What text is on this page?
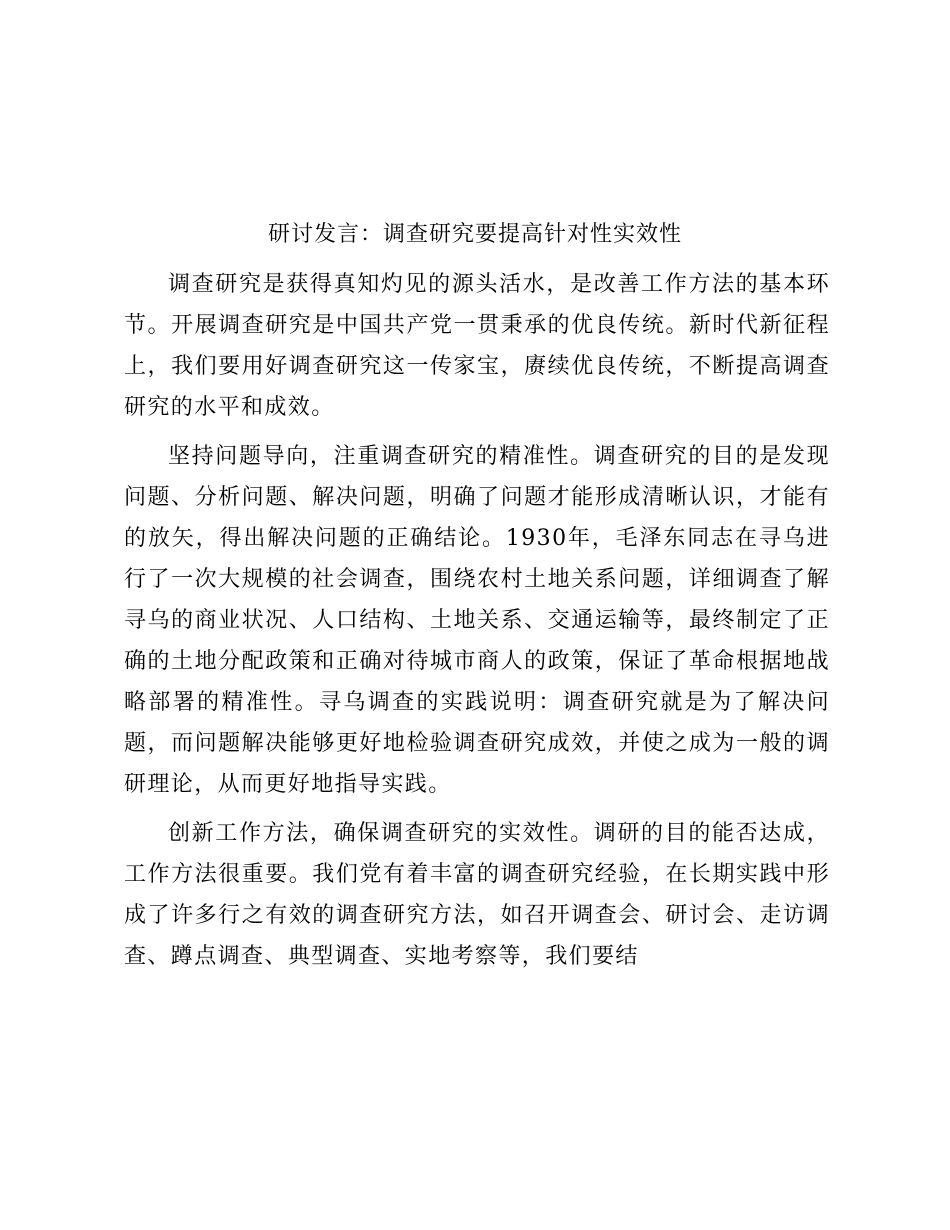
研讨发言：调查研究要提高针对性实效性

调查研究是获得真知灼见的源头活水，是改善工作方法的基本环节。开展调查研究是中国共产党一贯秉承的优良传统。新时代新征程上，我们要用好调查研究这一传家宝，赓续优良传统，不断提高调查研究的水平和成效。

坚持问题导向，注重调查研究的精准性。调查研究的目的是发现问题、分析问题、解决问题，明确了问题才能形成清晰认识，才能有的放矢，得出解决问题的正确结论。1930年，毛泽东同志在寻乌进行了一次大规模的社会调查，围绕农村土地关系问题，详细调查了解寻乌的商业状况、人口结构、土地关系、交通运输等，最终制定了正确的土地分配政策和正确对待城市商人的政策，保证了革命根据地战略部署的精准性。寻乌调查的实践说明：调查研究就是为了解决问题，而问题解决能够更好地检验调查研究成效，并使之成为一般的调研理论，从而更好地指导实践。

创新工作方法，确保调查研究的实效性。调研的目的能否达成，工作方法很重要。我们党有着丰富的调查研究经验，在长期实践中形成了许多行之有效的调查研究方法，如召开调查会、研讨会、走访调查、蹲点调查、典型调查、实地考察等，我们要结
